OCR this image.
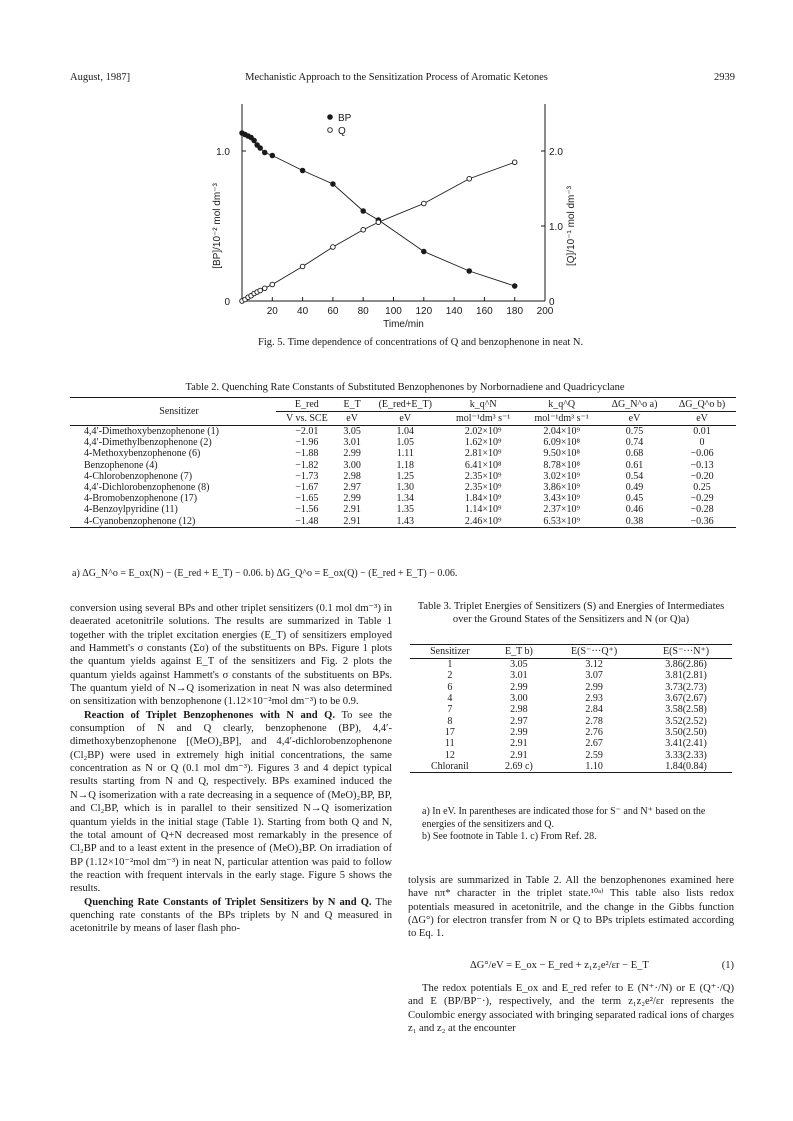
August, 1987]	Mechanistic Approach to the Sensitization Process of Aromatic Ketones	2939
20 40 60 80 100 120 140 160 180 200
0
1.0
0
1.0
2.0
Time/min
[BP]/10⁻² mol dm⁻³	[Q]/10⁻¹ mol dm⁻³
BP
Q
Fig. 5. Time dependence of concentrations of Q and benzophenone in neat N.
Table 2. Quenching Rate Constants of Substituted Benzophenones by Norbornadiene and Quadricyclane
Sensitizer	E_red	E_T	(E_red+E_T)	k_q^N	k_q^Q	ΔG_N^o a)	ΔG_Q^o b)
	V vs. SCE	eV	eV	mol⁻¹dm³ s⁻¹	mol⁻¹dm³ s⁻¹	eV	eV
4,4′-Dimethoxybenzophenone (1)	−2.01	3.05	1.04	2.02×10⁹	2.04×10⁹	0.75	0.01
4,4′-Dimethylbenzophenone (2)	−1.96	3.01	1.05	1.62×10⁹	6.09×10⁸	0.74	0
4-Methoxybenzophenone (6)	−1.88	2.99	1.11	2.81×10⁹	9.50×10⁸	0.68	−0.06
Benzophenone (4)	−1.82	3.00	1.18	6.41×10⁸	8.78×10⁸	0.61	−0.13
4-Chlorobenzophenone (7)	−1.73	2.98	1.25	2.35×10⁹	3.02×10⁹	0.54	−0.20
4,4′-Dichlorobenzophenone (8)	−1.67	2.97	1.30	2.35×10⁹	3.86×10⁹	0.49	0.25
4-Bromobenzophenone (17)	−1.65	2.99	1.34	1.84×10⁹	3.43×10⁹	0.45	−0.29
4-Benzoylpyridine (11)	−1.56	2.91	1.35	1.14×10⁹	2.37×10⁹	0.46	−0.28
4-Cyanobenzophenone (12)	−1.48	2.91	1.43	2.46×10⁹	6.53×10⁹	0.38	−0.36
a) ΔG_N^o = E_ox(N) − (E_red + E_T) − 0.06. b) ΔG_Q^o = E_ox(Q) − (E_red + E_T) − 0.06.

conversion using several BPs and other triplet sensitizers (0.1 mol dm⁻³) in deaerated acetonitrile solutions. The results are summarized in Table 1 together with the triplet excitation energies (E_T) of sensitizers employed and Hammett's σ constants (Σσ) of the substituents on BPs. Figure 1 plots the quantum yields against E_T of the sensitizers and Fig. 2 plots the quantum yields against Hammett's σ constants of the substituents on BPs. The quantum yield of N→Q isomerization in neat N was also determined on sensitization with benzophenone (1.12×10⁻²mol dm⁻³) to be 0.9.

Reaction of Triplet Benzophenones with N and Q. To see the consumption of N and Q clearly, benzophenone (BP), 4,4′-dimethoxybenzophenone [(MeO)₂BP], and 4,4′-dichlorobenzophenone (Cl₂BP) were used in extremely high initial concentrations, the same concentration as N or Q (0.1 mol dm⁻³). Figures 3 and 4 depict typical results starting from N and Q, respectively. BPs examined induced the N→Q isomerization with a rate decreasing in a sequence of (MeO)₂BP, BP, and Cl₂BP, which is in parallel to their sensitized N→Q isomerization quantum yields in the initial stage (Table 1). Starting from both Q and N, the total amount of Q+N decreased most remarkably in the presence of Cl₂BP and to a least extent in the presence of (MeO)₂BP. On irradiation of BP (1.12×10⁻²mol dm⁻³) in neat N, particular attention was paid to follow the reaction with frequent intervals in the early stage. Figure 5 shows the results.

Quenching Rate Constants of Triplet Sensitizers by N and Q. The quenching rate constants of the BPs triplets by N and Q measured in acetonitrile by means of laser flash pho-

Table 3. Triplet Energies of Sensitizers (S) and Energies of Intermediates over the Ground States of the Sensitizers and N (or Q)a)
Sensitizer	E_T b)	E(S⁻···Q⁺)	E(S⁻···N⁺)
1	3.05	3.12	3.86(2.86)
2	3.01	3.07	3.81(2.81)
6	2.99	2.99	3.73(2.73)
4	3.00	2.93	3.67(2.67)
7	2.98	2.84	3.58(2.58)
8	2.97	2.78	3.52(2.52)
17	2.99	2.76	3.50(2.50)
11	2.91	2.67	3.41(2.41)
12	2.91	2.59	3.33(2.33)
Chloranil	2.69 c)	1.10	1.84(0.84)
a) In eV. In parentheses are indicated those for S⁻ and N⁺ based on the energies of the sensitizers and Q.
b) See footnote in Table 1. c) From Ref. 28.

tolysis are summarized in Table 2. All the benzophenones examined here have nπ* character in the triplet state.¹⁰ᵃ⁾ This table also lists redox potentials measured in acetonitrile, and the change in the Gibbs function (ΔG°) for electron transfer from N or Q to BPs triplets estimated according to Eq. 1.

ΔG°/eV = E_ox − E_red + z₁z₂e²/εr − E_T	(1)

The redox potentials E_ox and E_red refer to E (N⁺·/N) or E (Q⁺·/Q) and E (BP/BP⁻·), respectively, and the term z₁z₂e²/εr represents the Coulombic energy associated with bringing separated radical ions of charges z₁ and z₂ at the encounter
